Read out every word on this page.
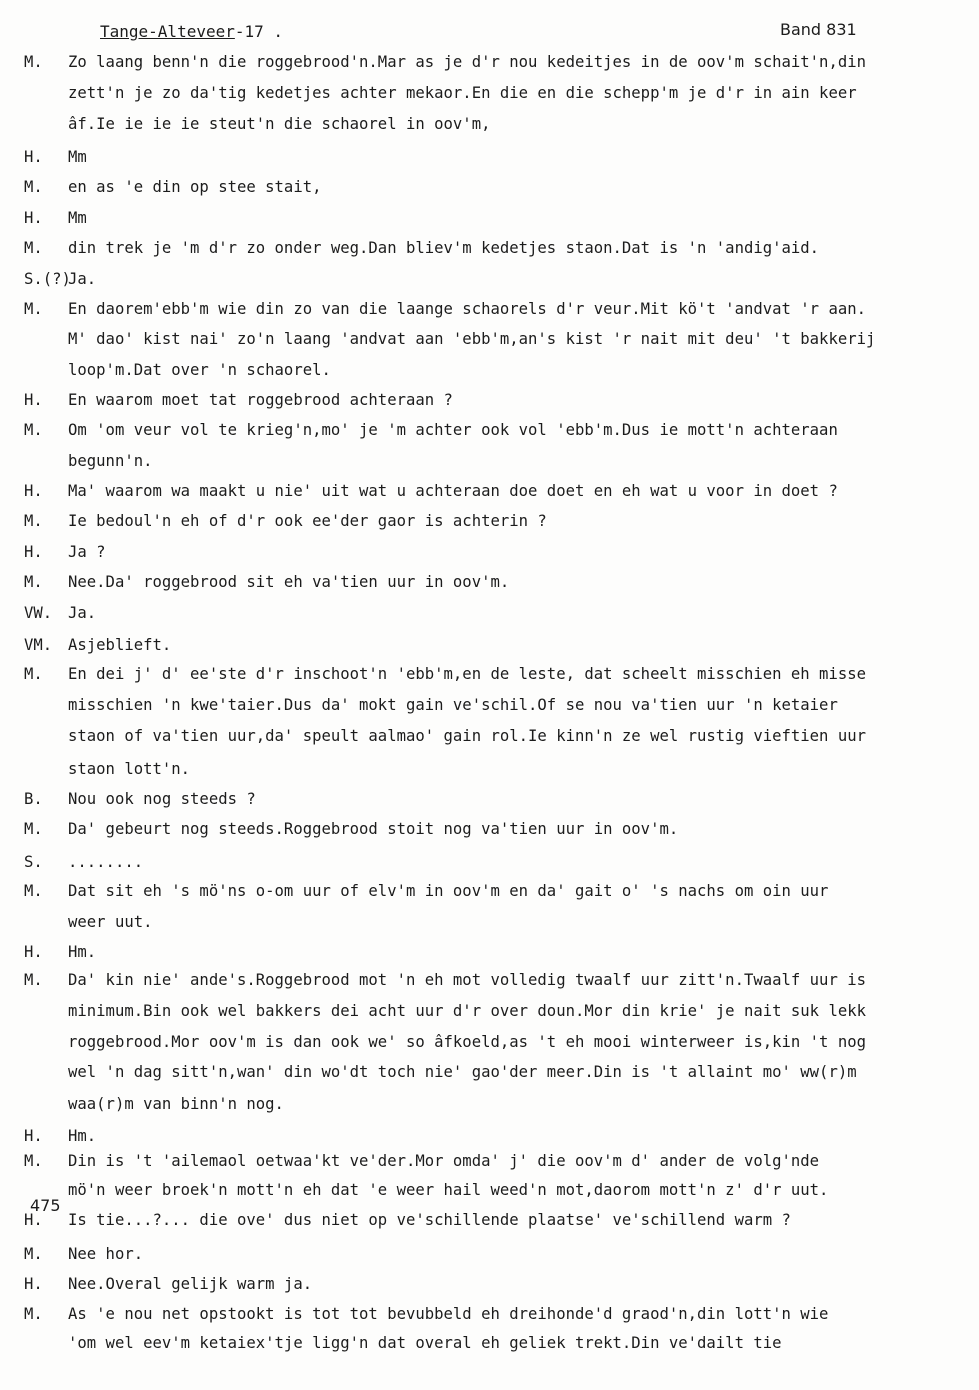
Tange-Alteveer-17 .	Band 831
475
M. Zo laang benn'n die roggebrood'n.Mar as je d'r nou kedeitjes in de oov'm schait'n,din
zett'n je zo da'tig kedetjes achter mekaor.En die en die schepp'm je d'r in ain keer
âf.Ie ie ie ie steut'n die schaorel in oov'm,
H. Mm
M. en as 'e din op stee stait,
H. Mm
M. din trek je 'm d'r zo onder weg.Dan bliev'm kedetjes staon.Dat is 'n 'andig'aid.
S.(?)
Ja.
M. En daorem'ebb'm wie din zo van die laange schaorels d'r veur.Mit kö't 'andvat 'r aan.
M' dao' kist nai' zo'n laang 'andvat aan 'ebb'm,an's kist 'r nait mit deu' 't bakkerij
loop'm.Dat over 'n schaorel.
H. En waarom moet tat roggebrood achteraan ?
M. Om 'om veur vol te krieg'n,mo' je 'm achter ook vol 'ebb'm.Dus ie mott'n achteraan
begunn'n.
H. Ma' waarom wa maakt u nie' uit wat u achteraan doe doet en eh wat u voor in doet ?
M. Ie bedoul'n eh of d'r ook ee'der gaor is achterin ?
H. Ja ?
M. Nee.Da' roggebrood sit eh va'tien uur in oov'm.
VW. Ja.
VM. Asjeblieft.
M. En dei j' d' ee'ste d'r inschoot'n 'ebb'm,en de leste, dat scheelt misschien eh misse
misschien 'n kwe'taier.Dus da' mokt gain ve'schil.Of se nou va'tien uur 'n ketaier
staon of va'tien uur,da' speult aalmao' gain rol.Ie kinn'n ze wel rustig vieftien uur
staon lott'n.
B. Nou ook nog steeds ?
M. Da' gebeurt nog steeds.Roggebrood stoit nog va'tien uur in oov'm.
S. ........
M. Dat sit eh 's mö'ns o-om uur of elv'm in oov'm en da' gait o' 's nachs om oin uur
weer uut.
H. Hm.
M. Da' kin nie' ande's.Roggebrood mot 'n eh mot volledig twaalf uur zitt'n.Twaalf uur is
minimum.Bin ook wel bakkers dei acht uur d'r over doun.Mor din krie' je nait suk lekk
roggebrood.Mor oov'm is dan ook we' so âfkoeld,as 't eh mooi winterweer is,kin 't nog
wel 'n dag sitt'n,wan' din wo'dt toch nie' gao'der meer.Din is 't allaint mo' ww(r)m
waa(r)m van binn'n nog.
H. Hm.
M. Din is 't 'ailemaol oetwaa'kt ve'der.Mor omda' j' die oov'm d' ander de volg'nde
mö'n weer broek'n mott'n eh dat 'e weer hail weed'n mot,daorom mott'n z' d'r uut.
H. Is tie...?... die ove' dus niet op ve'schillende plaatse' ve'schillend warm ?
M. Nee hor.
H. Nee.Overal gelijk warm ja.
M. As 'e nou net opstookt is tot tot bevubbeld eh dreihonde'd graod'n,din lott'n wie
'om wel eev'm ketaiex'tje ligg'n dat overal eh geliek trekt.Din ve'dailt tie
